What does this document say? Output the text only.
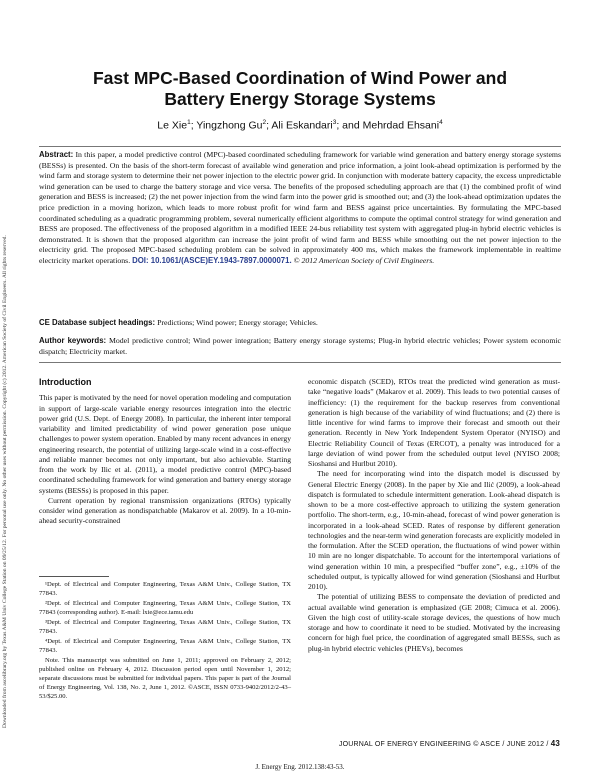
Downloaded from ascelibrary.org by Texas A&M Univ College Station on 09/25/12. For personal use only. No other uses without permission. Copyright (c) 2012. American Society of Civil Engineers. All rights reserved.
Fast MPC-Based Coordination of Wind Power and
Battery Energy Storage Systems
Le Xie$^1$; Yingzhong Gu$^2$; Ali Eskandari$^3$; and Mehrdad Ehsani$^4$
Abstract: In this paper, a model predictive control (MPC)-based coordinated scheduling framework for variable wind generation and battery energy storage systems (BESSs) is presented. On the basis of the short-term forecast of available wind generation and price information, a joint look-ahead optimization is performed by the wind farm and storage system to determine their net power injection to the electric power grid. In conjunction with moderate battery capacity, the excess unpredictable wind generation can be used to charge the battery storage and vice versa. The benefits of the proposed scheduling approach are that (1) the combined profit of wind generation and BESS is increased; (2) the net power injection from the wind farm into the power grid is smoothed out; and (3) the look-ahead optimization updates the price prediction in a moving horizon, which leads to more robust profit for wind farm and BESS against price uncertainties. By formulating the MPC-based coordinated scheduling as a quadratic programming problem, several numerically efficient algorithms to compute the optimal control strategy for wind generation and BESS are proposed. The effectiveness of the proposed algorithm in a modified IEEE 24-bus reliability test system with aggregated plug-in hybrid electric vehicles is demonstrated. It is shown that the proposed algorithm can increase the joint profit of wind farm and BESS while smoothing out the net power injection to the electricity grid. The proposed MPC-based scheduling problem can be solved in approximately 400 ms, which makes the framework implementable in realtime electricity market operations. DOI: 10.1061/(ASCE)EY.1943-7897.0000071. © 2012 American Society of Civil Engineers.
CE Database subject headings: Predictions; Wind power; Energy storage; Vehicles.
Author keywords: Model predictive control; Wind power integration; Battery energy storage systems; Plug-in hybrid electric vehicles; Power system economic dispatch; Electricity market.
Introduction

This paper is motivated by the need for novel operation modeling and computation in support of large-scale variable energy resources integration into the electric power grid (U.S. Dept. of Energy 2008). In particular, the inherent inter temporal variability and limited predictability of wind power generation pose unique challenges to power system operation. Enabled by many recent advances in energy engineering research, the potential of utilizing large-scale wind in a cost-effective and reliable manner becomes not only important, but also achievable. Starting from the work by Ilic et al. (2011), a model predictive control (MPC)-based coordinated scheduling framework for wind generation and battery energy storage systems (BESSs) is proposed in this paper.

Current operation by regional transmission organizations (RTOs) typically consider wind generation as nondispatchable (Makarov et al. 2009). In a 10-min-ahead security-constrained

¹Dept. of Electrical and Computer Engineering, Texas A&M Univ., College Station, TX 77843.

²Dept. of Electrical and Computer Engineering, Texas A&M Univ., College Station, TX 77843 (corresponding author). E-mail: lxie@ece.tamu.edu

³Dept. of Electrical and Computer Engineering, Texas A&M Univ., College Station, TX 77843.

⁴Dept. of Electrical and Computer Engineering, Texas A&M Univ., College Station, TX 77843.

Note. This manuscript was submitted on June 1, 2011; approved on February 2, 2012; published online on February 4, 2012. Discussion period open until November 1, 2012; separate discussions must be submitted for individual papers. This paper is part of the Journal of Energy Engineering, Vol. 138, No. 2, June 1, 2012. ©ASCE, ISSN 0733-9402/2012/2-43–53/$25.00.

economic dispatch (SCED), RTOs treat the predicted wind generation as must-take “negative loads” (Makarov et al. 2009). This leads to two potential causes of inefficiency: (1) the requirement for the backup reserves from conventional generation is high because of the variability of wind fluctuations; and (2) there is little incentive for wind farms to improve their forecast and smooth out their generation. Recently in New York Independent System Operator (NYISO) and Electric Reliability Council of Texas (ERCOT), a penalty was introduced for a large deviation of wind power from the scheduled output level (NYISO 2008; Sioshansi and Hurlbut 2010).

The need for incorporating wind into the dispatch model is discussed by General Electric Energy (2008). In the paper by Xie and Ilić (2009), a look-ahead dispatch is formulated to schedule intermittent generation. Look-ahead dispatch is shown to be a more cost-effective approach to utilizing the system generation portfolio. The short-term, e.g., 10-min-ahead, forecast of wind power generation is incorporated in a look-ahead SCED. Rates of response by different generation technologies and the near-term wind generation forecasts are explicitly modeled in the formulation. After the SCED operation, the fluctuations of wind power within 10 min are no longer dispatchable. To account for the intertemporal variations of wind generation within 10 min, a prespecified “buffer zone”, e.g., ±10% of the scheduled output, is typically allowed for wind generation (Sioshansi and Hurlbut 2010).

The potential of utilizing BESS to compensate the deviation of predicted and actual available wind generation is emphasized (GE 2008; Cimuca et al. 2006). Given the high cost of utility-scale storage devices, the questions of how much storage and how to coordinate it need to be studied. Motivated by the increasing concern for high fuel price, the coordination of aggregated small BESSs, such as plug-in hybrid electric vehicles (PHEVs), becomes

JOURNAL OF ENERGY ENGINEERING © ASCE / JUNE 2012 / 43
J. Energy Eng. 2012.138:43-53.
